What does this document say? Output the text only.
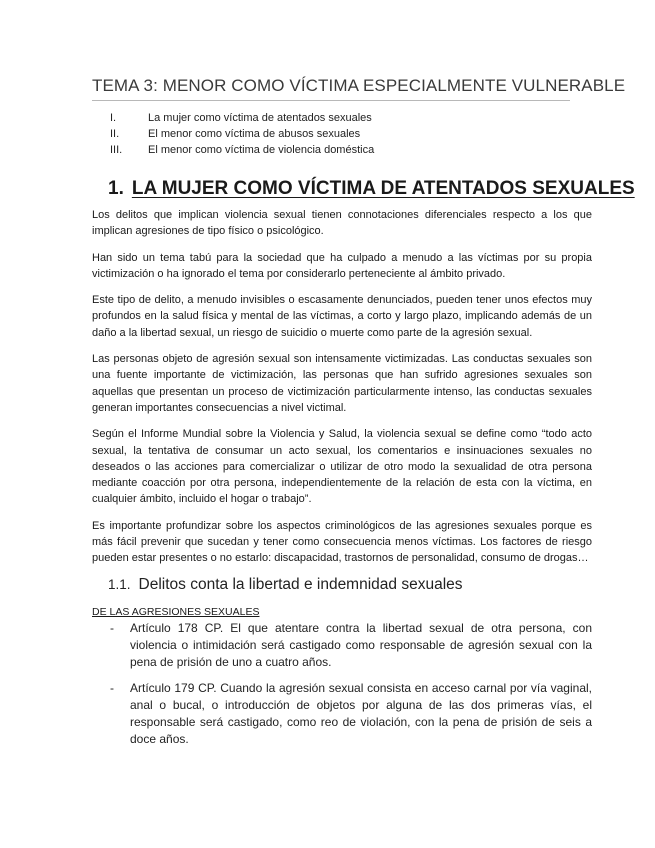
TEMA 3: MENOR COMO VÍCTIMA ESPECIALMENTE VULNERABLE
I.	La mujer como víctima de atentados sexuales
II.	El menor como víctima de abusos sexuales
III. El menor como víctima de violencia doméstica
1. LA MUJER COMO VÍCTIMA DE ATENTADOS SEXUALES

Los delitos que implican violencia sexual tienen connotaciones diferenciales respecto a los que implican agresiones de tipo físico o psicológico.

Han sido un tema tabú para la sociedad que ha culpado a menudo a las víctimas por su propia victimización o ha ignorado el tema por considerarlo perteneciente al ámbito privado.

Este tipo de delito, a menudo invisibles o escasamente denunciados, pueden tener unos efectos muy profundos en la salud física y mental de las víctimas, a corto y largo plazo, implicando además de un daño a la libertad sexual, un riesgo de suicidio o muerte como parte de la agresión sexual.

Las personas objeto de agresión sexual son intensamente victimizadas. Las conductas sexuales son una fuente importante de victimización, las personas que han sufrido agresiones sexuales son aquellas que presentan un proceso de victimización particularmente intenso, las conductas sexuales generan importantes consecuencias a nivel victimal.

Según el Informe Mundial sobre la Violencia y Salud, la violencia sexual se define como “todo acto sexual, la tentativa de consumar un acto sexual, los comentarios e insinuaciones sexuales no deseados o las acciones para comercializar o utilizar de otro modo la sexualidad de otra persona mediante coacción por otra persona, independientemente de la relación de esta con la víctima, en cualquier ámbito, incluido el hogar o trabajo”.

Es importante profundizar sobre los aspectos criminológicos de las agresiones sexuales porque es más fácil prevenir que sucedan y tener como consecuencia menos víctimas. Los factores de riesgo pueden estar presentes o no estarlo: discapacidad, trastornos de personalidad, consumo de drogas…

1.1. Delitos conta la libertad e indemnidad sexuales
DE LAS AGRESIONES SEXUALES
- Artículo 178 CP. El que atentare contra la libertad sexual de otra persona, con violencia o intimidación será castigado como responsable de agresión sexual con la pena de prisión de uno a cuatro años.
- Artículo 179 CP. Cuando la agresión sexual consista en acceso carnal por vía vaginal, anal o bucal, o introducción de objetos por alguna de las dos primeras vías, el responsable será castigado, como reo de violación, con la pena de prisión de seis a doce años.
